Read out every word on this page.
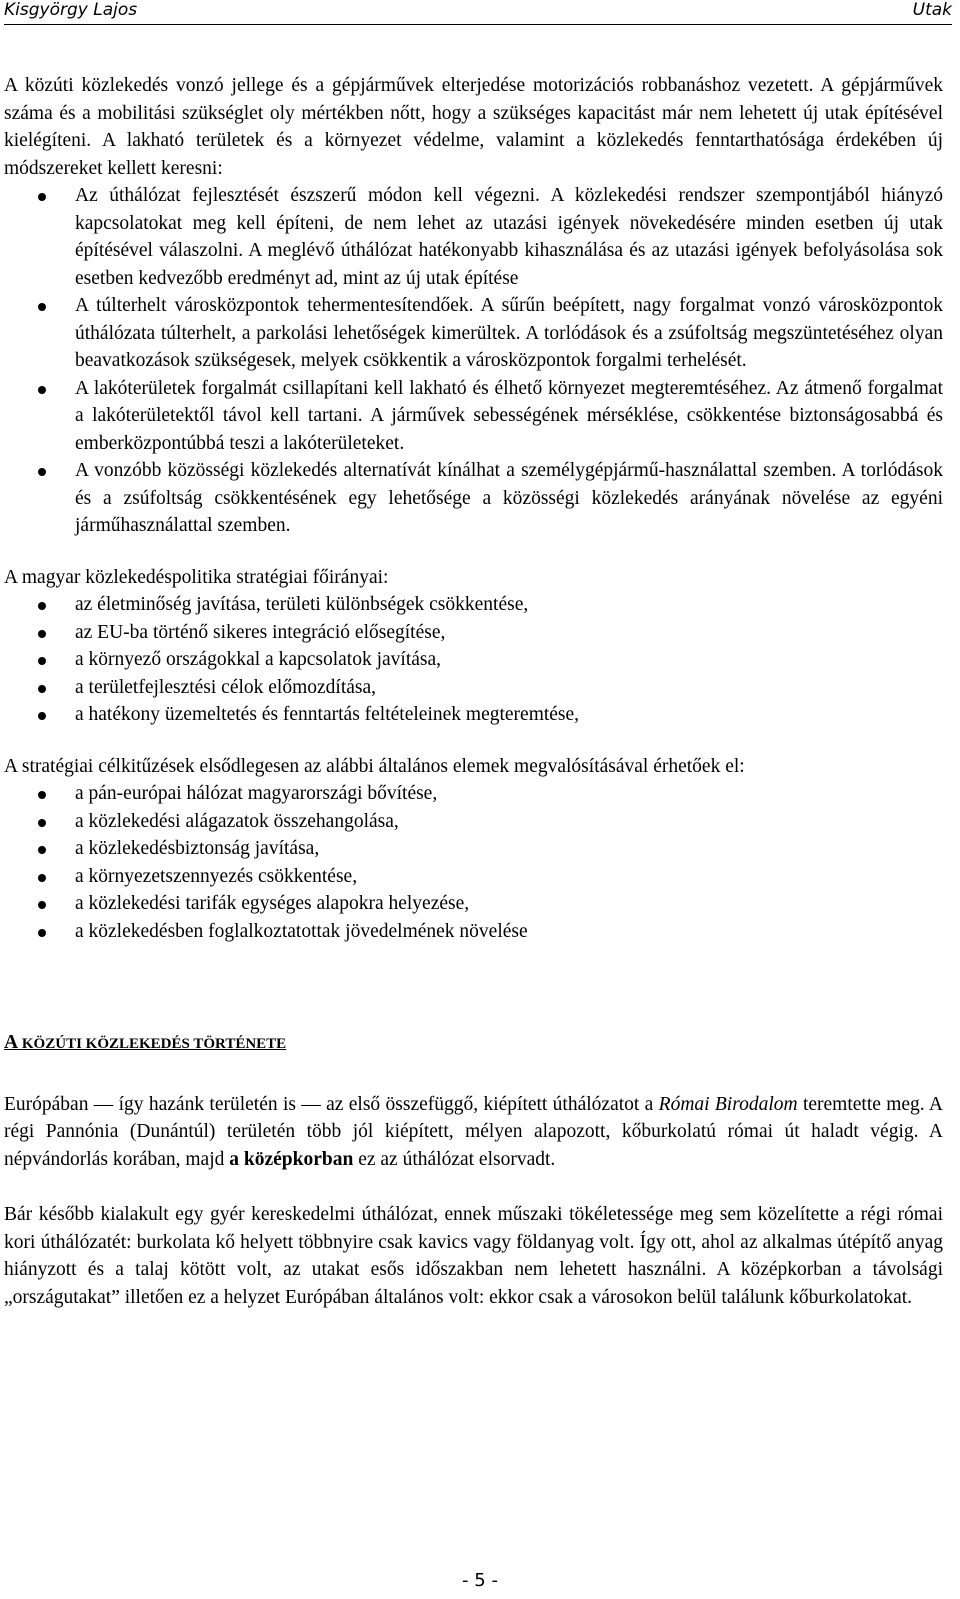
Kisgyörgy Lajos	Utak

A közúti közlekedés vonzó jellege és a gépjárművek elterjedése motorizációs robbanáshoz vezetett. A gépjárművek száma és a mobilitási szükséglet oly mértékben nőtt, hogy a szükséges kapacitást már nem lehetett új utak építésével kielégíteni. A lakható területek és a környezet védelme, valamint a közlekedés fenntarthatósága érdekében új módszereket kellett keresni:

Az úthálózat fejlesztését észszerű módon kell végezni. A közlekedési rendszer szempontjából hiányzó kapcsolatokat meg kell építeni, de nem lehet az utazási igények növekedésére minden esetben új utak építésével válaszolni. A meglévő úthálózat hatékonyabb kihasználása és az utazási igények befolyásolása sok esetben kedvezőbb eredményt ad, mint az új utak építése
A túlterhelt városközpontok tehermentesítendőek. A sűrűn beépített, nagy forgalmat vonzó városközpontok úthálózata túlterhelt, a parkolási lehetőségek kimerültek. A torlódások és a zsúfoltság megszüntetéséhez olyan beavatkozások szükségesek, melyek csökkentik a városközpontok forgalmi terhelését.
A lakóterületek forgalmát csillapítani kell lakható és élhető környezet megteremtéséhez. Az átmenő forgalmat a lakóterületektől távol kell tartani. A járművek sebességének mérséklése, csökkentése biztonságosabbá és emberközpontúbbá teszi a lakóterületeket.
A vonzóbb közösségi közlekedés alternatívát kínálhat a személygépjármű-használattal szemben. A torlódások és a zsúfoltság csökkentésének egy lehetősége a közösségi közlekedés arányának növelése az egyéni járműhasználattal szemben.

A magyar közlekedéspolitika stratégiai főirányai:

az életminőség javítása, területi különbségek csökkentése,
az EU-ba történő sikeres integráció elősegítése,
a környező országokkal a kapcsolatok javítása,
a területfejlesztési célok előmozdítása,
a hatékony üzemeltetés és fenntartás feltételeinek megteremtése,

A stratégiai célkitűzések elsődlegesen az alábbi általános elemek megvalósításával érhetőek el:

a pán-európai hálózat magyarországi bővítése,
a közlekedési alágazatok összehangolása,
a közlekedésbiztonság javítása,
a környezetszennyezés csökkentése,
a közlekedési tarifák egységes alapokra helyezése,
a közlekedésben foglalkoztatottak jövedelmének növelése

A KÖZÚTI KÖZLEKEDÉS TÖRTÉNETE

Európában — így hazánk területén is — az első összefüggő, kiépített úthálózatot a Római Birodalom teremtette meg. A régi Pannónia (Dunántúl) területén több jól kiépített, mélyen alapozott, kőburkolatú római út haladt végig. A népvándorlás korában, majd a középkorban ez az úthálózat elsorvadt.

Bár később kialakult egy gyér kereskedelmi úthálózat, ennek műszaki tökéletessége meg sem közelítette a régi római kori úthálózatét: burkolata kő helyett többnyire csak kavics vagy földanyag volt. Így ott, ahol az alkalmas útépítő anyag hiányzott és a talaj kötött volt, az utakat esős időszakban nem lehetett használni. A középkorban a távolsági „országutakat” illetően ez a helyzet Európában általános volt: ekkor csak a városokon belül találunk kőburkolatokat.

- 5 -
